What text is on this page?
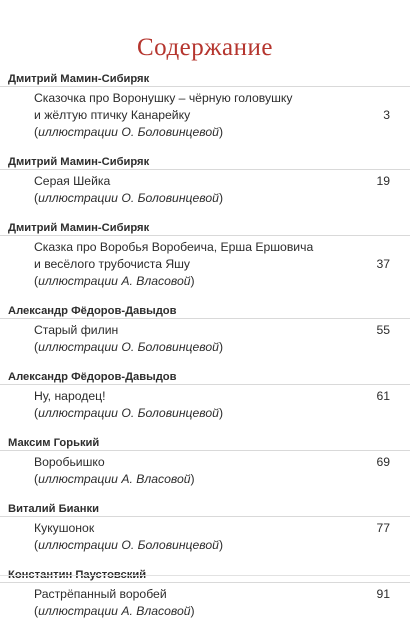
Содержание
Дмитрий Мамин-Сибиряк
Сказочка про Воронушку – чёрную головушку
и жёлтую птичку Канарейку	3
(иллюстрации О. Боловинцевой)
Дмитрий Мамин-Сибиряк
Серая Шейка	19
(иллюстрации О. Боловинцевой)
Дмитрий Мамин-Сибиряк
Сказка про Воробья Воробеича, Ерша Ершовича
и весёлого трубочиста Яшу	37
(иллюстрации А. Власовой)
Александр Фёдоров-Давыдов
Старый филин	55
(иллюстрации О. Боловинцевой)
Александр Фёдоров-Давыдов
Ну, народец!	61
(иллюстрации О. Боловинцевой)
Максим Горький
Воробьишко	69
(иллюстрации А. Власовой)
Виталий Бианки
Кукушонок	77
(иллюстрации О. Боловинцевой)
Константин Паустовский
Растрёпанный воробей	91
(иллюстрации А. Власовой)
